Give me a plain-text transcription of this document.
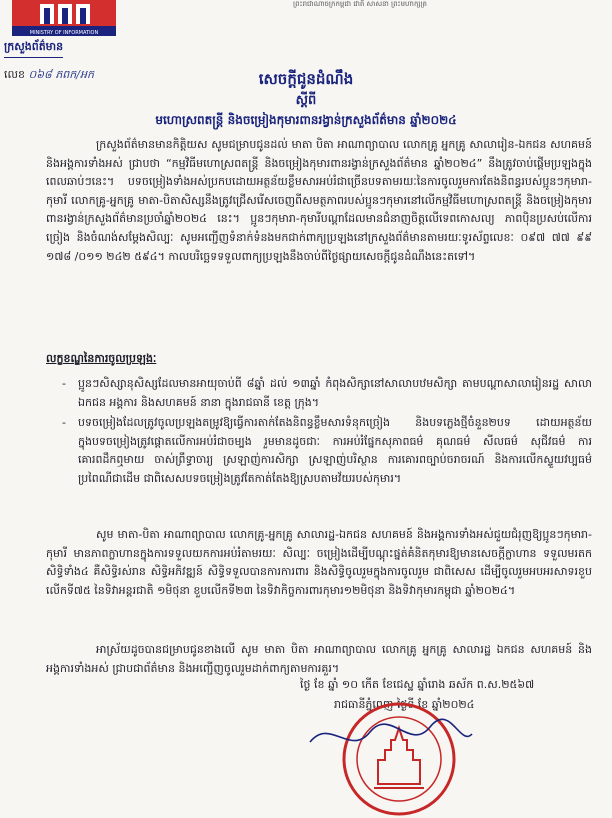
ព្រះរាជាណាចក្រកម្ពុជា ជាតិ សាសនា ព្រះមហាក្សត្រ
MINISTRY OF INFORMATION
ក្រសួងព័ត៌មាន
លេខ ០៦៨ ភពក/អក	សេចក្ដីជូនដំណឹង
ស្ដីពី
មហោស្រពតន្ត្រី និងចម្រៀងកុមារពានរង្វាន់ក្រសួងព័ត៌មាន ឆ្នាំ២០២៤
ក្រសួងព័ត៌មានមានកិត្តិយស សូមជម្រាបជូនដល់ មាតា បិតា អាណាព្យាបាល លោកគ្រូ អ្នកគ្រូ សាលារៀន-ឯកជន សហគមន៍ និងអង្គការទាំងអស់ ជ្រាបថា “កម្មវិធីមហោស្រពតន្ត្រី និងចម្រៀងកុមារពានរង្វាន់ក្រសួងព័ត៌មាន ឆ្នាំ២០២៤” នឹងត្រូវចាប់ផ្ដើមប្រឡងក្នុងពេលឆាប់ៗនេះ។ បទចម្រៀងទាំងអស់ប្រកបដោយអត្ថន័យខ្លឹមសារអប់រំជាច្រើនបទតាមរយៈនៃការចូលរួមការតែងនិពន្ធរបស់ប្អូនៗកុមារា-កុមារី លោកគ្រូ-អ្នកគ្រូ មាតា-បិតាសិស្សនឹងត្រូវជ្រើសរើសចេញពីសមត្ថភាពរបស់ប្អូនៗកុមារនៅលើកម្មវិធីមហោស្រពតន្ត្រី និងចម្រៀងកុមារពានរង្វាន់ក្រសួងព័ត៌មានប្រចាំឆ្នាំ២០២៤ នេះ។ ប្អូនៗកុមារា-កុមារីបណ្ដាដែលមានជំនាញចិត្តលើទេពកោសល្យ ភាពប៉ិនប្រសប់លើការច្រៀង និងចំណង់សម្ដែងសិល្បៈ សូមអញ្ជើញទំនាក់ទំនងមកជាក់ពាក្យប្រឡងនៅក្រសួងព័ត៌មានតាមរយៈទូរស័ព្ទលេខៈ ០៩៧ ៧៧ ៩៩ ១៧៨ /០១១ ២៤២ ៥៩៤។ កាលបរិច្ឆេទទទួលពាក្យប្រឡងនឹងចាប់ពីថ្ងៃផ្សាយសេចក្ដីជូនដំណឹងនេះតទៅ។
លក្ខខណ្ឌនៃការចូលប្រឡងៈ
- ប្អូនៗសិស្សានុសិស្សដែលមានអាយុចាប់ពី ៨ឆ្នាំ ដល់ ១៣ឆ្នាំ កំពុងសិក្សានៅសាលាបឋមសិក្សា តាមបណ្ដាសាលារៀនរដ្ឋ សាលាឯកជន អង្គការ និងសហគមន៍ នានា ក្នុងរាជធានី ខេត្ត ក្រុង។
- បទចម្រៀងដែលត្រូវចូលប្រឡងតម្រូវឱ្យធ្វើការតាក់តែងនិពន្ធខ្លឹមសារទំនុកច្រៀង និងបទភ្លេងថ្មីចំនួន២បទ ដោយអត្ថន័យក្នុងបទចម្រៀងត្រូវផ្ដោតលើការអប់រំជាចម្បង រួមមានដូចជាៈ ការអប់រំផ្នែកសុភាពធម៌ គុណធម៌ សីលធម៌ សុជីវធម៌ ការគោរពដឹកឮមាយ ចាស់ព្រឹទ្ធាចារ្យ ស្រឡាញ់ការសិក្សា ស្រឡាញ់បរិស្ថាន ការគោរពច្បាប់ចរាចរណ៍ និងការលើកស្ទួយវប្បធម៌ប្រពៃណីជាដើម ជាពិសេសបទចម្រៀងត្រូវតែកាត់តែងឱ្យស្របតាមវ័យរបស់កុមារ។
សូម មាតា-បិតា អាណាព្យាបាល លោកគ្រូ-អ្នកគ្រូ សាលារដ្ឋ-ឯកជន សហគមន៍ និងអង្គការទាំងអស់ជួយជំរុញឱ្យប្អូនៗកុមារា-កុមារី មានភាពក្លាហានក្នុងការទទួលយកការអប់រំតាមរយៈ សិល្បៈ ចម្រៀងដើម្បីបណ្ដុះផ្នត់គំនិតកុមារឱ្យមានសេចក្ដីក្លាហាន ទទួលមរតកសិទ្ធិទាំង៤ គឺសិទ្ធិរស់រាន សិទ្ធិអភិវឌ្ឍន៍ សិទ្ធិទទួលបានការការពារ និងសិទ្ធិចូលរួមក្នុងការចូលរួម ជាពិសេស ដើម្បីចូលរួមអបអរសាទរខួបលើកទី៧៥ នៃទិវាអន្តរជាតិ ១មិថុនា ខួបលើកទី២៣ នៃទិវាកិច្ចការពារកុមារ១២មិថុនា និងទិវាកុមារកម្ពុជា ឆ្នាំ២០២៤។
អាស្រ័យដូចបានជម្រាបជូនខាងលើ សូម មាតា បិតា អាណាព្យាបាល លោកគ្រូ អ្នកគ្រូ សាលារដ្ឋ ឯកជន សហគមន៍ និងអង្គការទាំងអស់ ជ្រាបជាព័ត៌មាន និងអញ្ជើញចូលរួមដាក់ពាក្យតាមការគួរ។
ថ្ងៃ ខែ ឆ្នាំ ១០ កើត ខែជេស្ឋ ឆ្នាំរោង ឆស័ក ព.ស.២៥៦៧
រាជធានីភ្នំពេញ ថ្ងៃទី ខែ ឆ្នាំ២០២៤
